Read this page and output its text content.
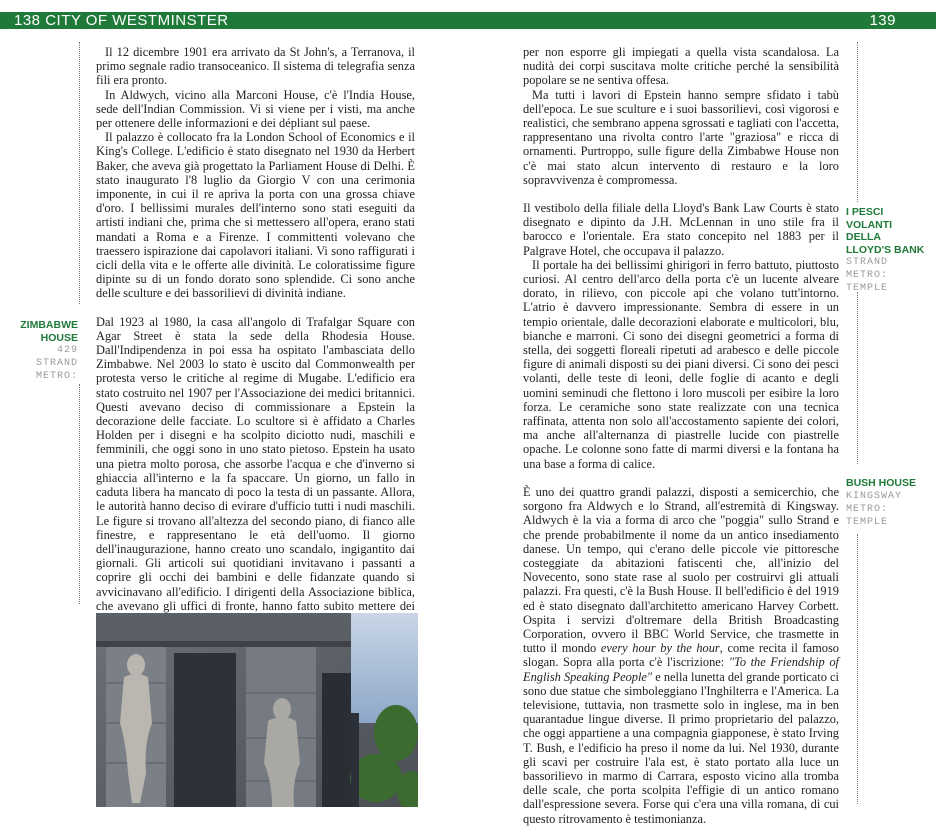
138 CITY OF WESTMINSTER	139
ZIMBABWE
HOUSE
429
STRAND
METRO:

Il 12 dicembre 1901 era arrivato da St John's, a Terranova, il primo segnale radio transoceanico. Il sistema di telegrafia senza fili era pronto.

In Aldwych, vicino alla Marconi House, c'è l'India House, sede dell'Indian Commission. Vi si viene per i visti, ma anche per ottenere delle informazioni e dei dépliant sul paese.

Il palazzo è collocato fra la London School of Economics e il King's College. L'edificio è stato disegnato nel 1930 da Herbert Baker, che aveva già progettato la Parliament House di Delhi. È stato inaugurato l'8 luglio da Giorgio V con una cerimonia imponente, in cui il re apriva la porta con una grossa chiave d'oro. I bellissimi murales dell'interno sono stati eseguiti da artisti indiani che, prima che si mettessero all'opera, erano stati mandati a Roma e a Firenze. I committenti volevano che traessero ispirazione dai capolavori italiani. Vi sono raffigurati i cicli della vita e le offerte alle divinità. Le coloratissime figure dipinte su di un fondo dorato sono splendide. Ci sono anche delle sculture e dei bassorilievi di divinità indiane.

Dal 1923 al 1980, la casa all'angolo di Trafalgar Square con Agar Street è stata la sede della Rhodesia House. Dall'Indipendenza in poi essa ha ospitato l'ambasciata dello Zimbabwe. Nel 2003 lo stato è uscito dal Commonwealth per protesta verso le critiche al regime di Mugabe. L'edificio era stato costruito nel 1907 per l'Associazione dei medici britannici. Questi avevano deciso di commissionare a Epstein la decorazione delle facciate. Lo scultore si è affidato a Charles Holden per i disegni e ha scolpito diciotto nudi, maschili e femminili, che oggi sono in uno stato pietoso. Epstein ha usato una pietra molto porosa, che assorbe l'acqua e che d'inverno si ghiaccia all'interno e la fa spaccare. Un giorno, un fallo in caduta libera ha mancato di poco la testa di un passante. Allora, le autorità hanno deciso di evirare d'ufficio tutti i nudi maschili. Le figure si trovano all'altezza del secondo piano, di fianco alle finestre, e rappresentano le età dell'uomo. Il giorno dell'inaugurazione, hanno creato uno scandalo, ingigantito dai giornali. Gli articoli sui quotidiani invitavano i passanti a coprire gli occhi dei bambini e delle fidanzate quando si avvicinavano all'edificio. I dirigenti della Associazione biblica, che avevano gli uffici di fronte, hanno fatto subito mettere dei

per non esporre gli impiegati a quella vista scandalosa. La nudità dei corpi suscitava molte critiche perché la sensibilità popolare se ne sentiva offesa.

Ma tutti i lavori di Epstein hanno sempre sfidato i tabù dell'epoca. Le sue sculture e i suoi bassorilievi, così vigorosi e realistici, che sembrano appena sgrossati e tagliati con l'accetta, rappresentano una rivolta contro l'arte "graziosa" e ricca di ornamenti. Purtroppo, sulle figure della Zimbabwe House non c'è mai stato alcun intervento di restauro e la loro sopravvivenza è compromessa.

Il vestibolo della filiale della Lloyd's Bank Law Courts è stato disegnato e dipinto da J.H. McLennan in uno stile fra il barocco e l'orientale. Era stato concepito nel 1883 per il Palgrave Hotel, che occupava il palazzo.

Il portale ha dei bellissimi ghirigori in ferro battuto, piuttosto curiosi. Al centro dell'arco della porta c'è un lucente alveare dorato, in rilievo, con piccole api che volano tutt'intorno. L'atrio è davvero impressionante. Sembra di essere in un tempio orientale, dalle decorazioni elaborate e multicolori, blu, bianche e marroni. Ci sono dei disegni geometrici a forma di stella, dei soggetti floreali ripetuti ad arabesco e delle piccole figure di animali disposti su dei piani diversi. Ci sono dei pesci volanti, delle teste di leoni, delle foglie di acanto e degli uomini seminudi che flettono i loro muscoli per esibire la loro forza. Le ceramiche sono state realizzate con una tecnica raffinata, attenta non solo all'accostamento sapiente dei colori, ma anche all'alternanza di piastrelle lucide con piastrelle opache. Le colonne sono fatte di marmi diversi e la fontana ha una base a forma di calice.

È uno dei quattro grandi palazzi, disposti a semicerchio, che sorgono fra Aldwych e lo Strand, all'estremità di Kingsway. Aldwych è la via a forma di arco che "poggia" sullo Strand e che prende probabilmente il nome da un antico insediamento danese. Un tempo, qui c'erano delle piccole vie pittoresche costeggiate da abitazioni fatiscenti che, all'inizio del Novecento, sono state rase al suolo per costruirvi gli attuali palazzi. Fra questi, c'è la Bush House. Il bell'edificio è del 1919 ed è stato disegnato dall'architetto americano Harvey Corbett. Ospita i servizi d'oltremare della British Broadcasting Corporation, ovvero il BBC World Service, che trasmette in tutto il mondo every hour by the hour, come recita il famoso slogan. Sopra alla porta c'è l'iscrizione: "To the Friendship of English Speaking People" e nella lunetta del grande porticato ci sono due statue che simboleggiano l'Inghilterra e l'America. La televisione, tuttavia, non trasmette solo in inglese, ma in ben quarantadue lingue diverse. Il primo proprietario del palazzo, che oggi appartiene a una compagnia giapponese, è stato Irving T. Bush, e l'edificio ha preso il nome da lui. Nel 1930, durante gli scavi per costruire l'ala est, è stato portato alla luce un bassorilievo in marmo di Carrara, esposto vicino alla tromba delle scale, che porta scolpita l'effigie di un antico romano dall'espressione severa. Forse qui c'era una villa romana, di cui questo ritrovamento è testimonianza.

I PESCI
VOLANTI DELLA
LLOYD'S BANK
STRAND
METRO:
TEMPLE
BUSH HOUSE
KINGSWAY
METRO:
TEMPLE
